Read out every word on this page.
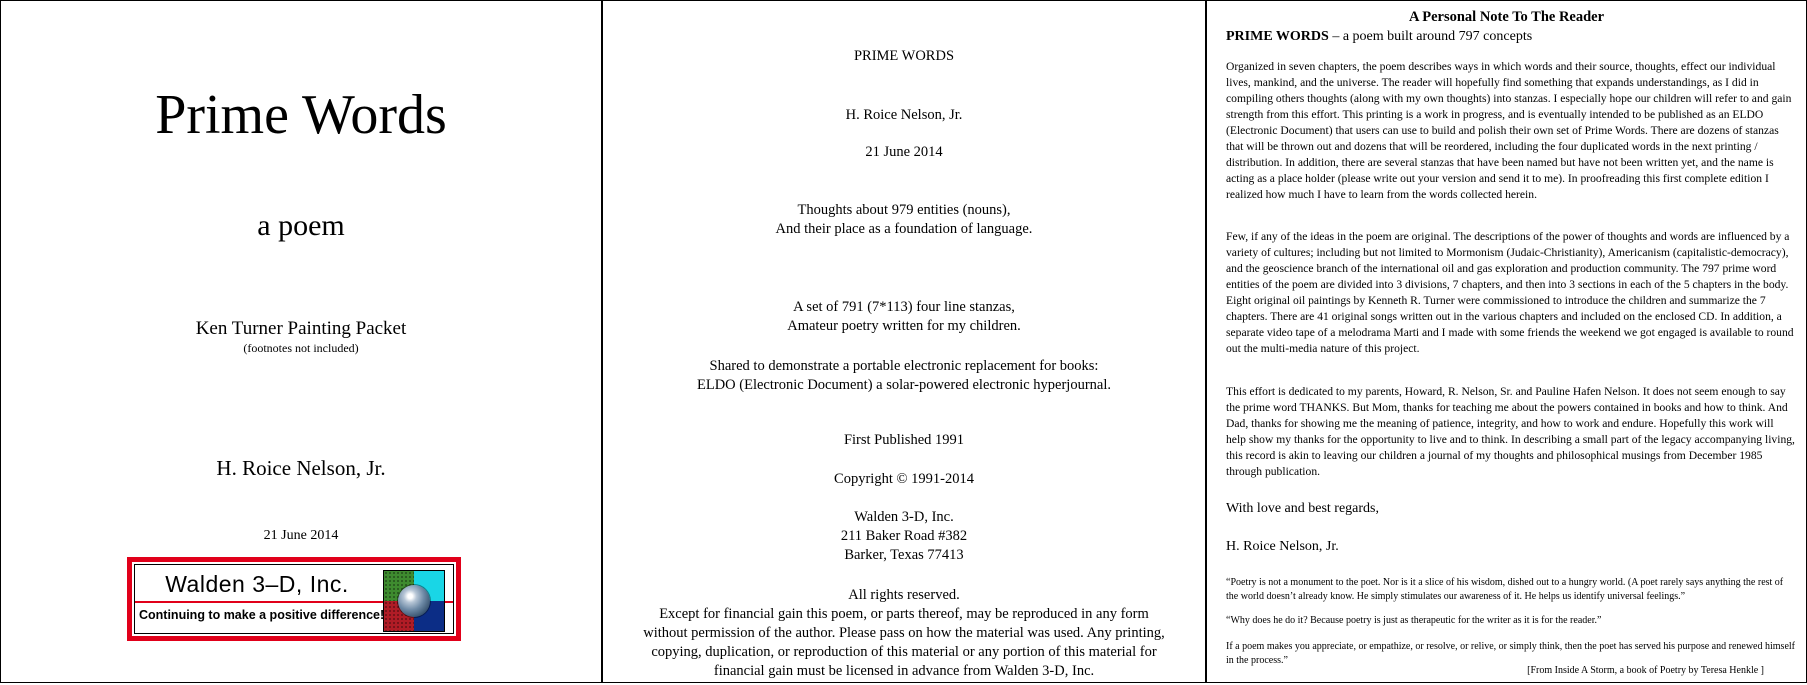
Prime Words
a poem
Ken Turner Painting Packet
(footnotes not included)
H. Roice Nelson, Jr.
21 June 2014
Walden 3–D, Inc.
Continuing to make a positive difference!
PRIME WORDS
H. Roice Nelson, Jr.
21 June 2014
Thoughts about 979 entities (nouns),
And their place as a foundation of language.
A set of 791 (7*113) four line stanzas,
Amateur poetry written for my children.
Shared to demonstrate a portable electronic replacement for books:
ELDO (Electronic Document) a solar-powered electronic hyperjournal.
First Published 1991
Copyright © 1991-2014
Walden 3-D, Inc.
211 Baker Road #382
Barker, Texas 77413
All rights reserved.
Except for financial gain this poem, or parts thereof, may be reproduced in any form without permission of the author. Please pass on how the material was used. Any printing, copying, duplication, or reproduction of this material or any portion of this material for financial gain must be licensed in advance from Walden 3-D, Inc.
A Personal Note To The Reader
PRIME WORDS – a poem built around 797 concepts
Organized in seven chapters, the poem describes ways in which words and their source, thoughts, effect our individual lives, mankind, and the universe. The reader will hopefully find something that expands understandings, as I did in compiling others thoughts (along with my own thoughts) into stanzas. I especially hope our children will refer to and gain strength from this effort. This printing is a work in progress, and is eventually intended to be published as an ELDO (Electronic Document) that users can use to build and polish their own set of Prime Words. There are dozens of stanzas that will be thrown out and dozens that will be reordered, including the four duplicated words in the next printing / distribution. In addition, there are several stanzas that have been named but have not been written yet, and the name is acting as a place holder (please write out your version and send it to me). In proofreading this first complete edition I realized how much I have to learn from the words collected herein.
Few, if any of the ideas in the poem are original. The descriptions of the power of thoughts and words are influenced by a variety of cultures; including but not limited to Mormonism (Judaic-Christianity), Americanism (capitalistic-democracy), and the geoscience branch of the international oil and gas exploration and production community. The 797 prime word entities of the poem are divided into 3 divisions, 7 chapters, and then into 3 sections in each of the 5 chapters in the body. Eight original oil paintings by Kenneth R. Turner were commissioned to introduce the children and summarize the 7 chapters. There are 41 original songs written out in the various chapters and included on the enclosed CD. In addition, a separate video tape of a melodrama Marti and I made with some friends the weekend we got engaged is available to round out the multi-media nature of this project.
This effort is dedicated to my parents, Howard, R. Nelson, Sr. and Pauline Hafen Nelson. It does not seem enough to say the prime word THANKS. But Mom, thanks for teaching me about the powers contained in books and how to think. And Dad, thanks for showing me the meaning of patience, integrity, and how to work and endure. Hopefully this work will help show my thanks for the opportunity to live and to think. In describing a small part of the legacy accompanying living, this record is akin to leaving our children a journal of my thoughts and philosophical musings from December 1985 through publication.
With love and best regards,
H. Roice Nelson, Jr.
“Poetry is not a monument to the poet. Nor is it a slice of his wisdom, dished out to a hungry world. (A poet rarely says anything the rest of the world doesn’t already know. He simply stimulates our awareness of it. He helps us identify universal feelings.”
“Why does he do it? Because poetry is just as therapeutic for the writer as it is for the reader.”
If a poem makes you appreciate, or empathize, or resolve, or relive, or simply think, then the poet has served his purpose and renewed himself in the process.”
[From Inside A Storm, a book of Poetry by Teresa Henkle ]
